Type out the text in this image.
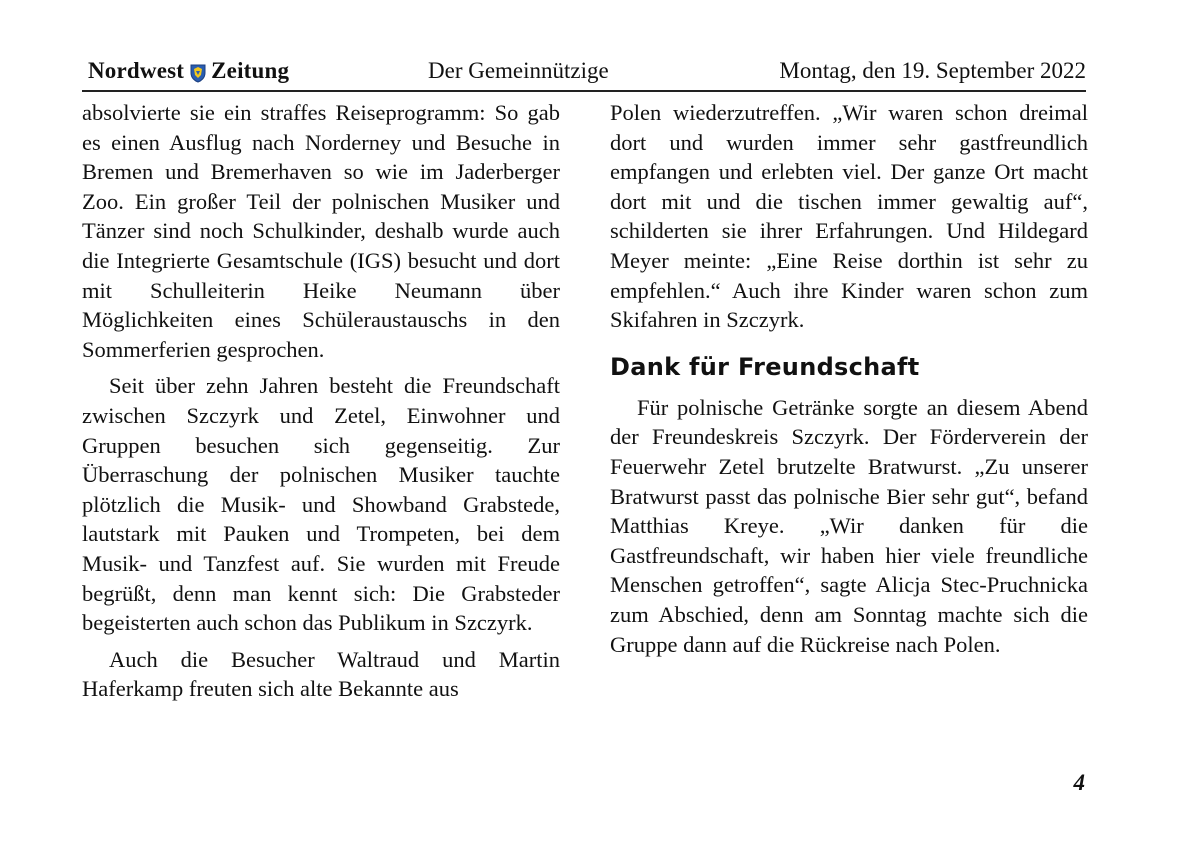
Nordwest Zeitung	Der Gemeinnützige	Montag, den 19. September 2022

absolvierte sie ein straffes Reiseprogramm: So gab es einen Ausflug nach Norderney und Besuche in Bremen und Bremerhaven so wie im Jaderberger Zoo. Ein großer Teil der polnischen Musiker und Tänzer sind noch Schulkinder, deshalb wurde auch die Integrierte Gesamtschule (IGS) besucht und dort mit Schulleiterin Heike Neumann über Möglichkeiten eines Schüleraustauschs in den Sommerferien gesprochen.

Seit über zehn Jahren besteht die Freundschaft zwischen Szczyrk und Zetel, Einwohner und Gruppen besuchen sich gegenseitig. Zur Überraschung der polnischen Musiker tauchte plötzlich die Musik- und Showband Grabstede, lautstark mit Pauken und Trompeten, bei dem Musik- und Tanzfest auf. Sie wurden mit Freude begrüßt, denn man kennt sich: Die Grabsteder begeisterten auch schon das Publikum in Szczyrk.

Auch die Besucher Waltraud und Martin Haferkamp freuten sich alte Bekannte aus

Polen wiederzutreffen. „Wir waren schon dreimal dort und wurden immer sehr gastfreundlich empfangen und erlebten viel. Der ganze Ort macht dort mit und die tischen immer gewaltig auf“, schilderten sie ihrer Erfahrungen. Und Hildegard Meyer meinte: „Eine Reise dorthin ist sehr zu empfehlen.“ Auch ihre Kinder waren schon zum Skifahren in Szczyrk.

Dank für Freundschaft

Für polnische Getränke sorgte an diesem Abend der Freundeskreis Szczyrk. Der Förderverein der Feuerwehr Zetel brutzelte Bratwurst. „Zu unserer Bratwurst passt das polnische Bier sehr gut“, befand Matthias Kreye. „Wir danken für die Gastfreundschaft, wir haben hier viele freundliche Menschen getroffen“, sagte Alicja Stec-Pruchnicka zum Abschied, denn am Sonntag machte sich die Gruppe dann auf die Rückreise nach Polen.

4
